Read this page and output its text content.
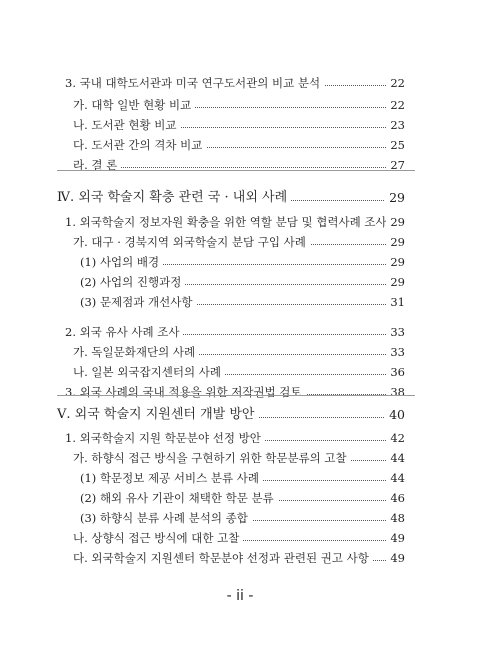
3. 국내 대학도서관과 미국 연구도서관의 비교 분석	22
가. 대학 일반 현황 비교	22
나. 도서관 현황 비교	23
다. 도서관 간의 격차 비교	25
라. 결 론	27
Ⅳ. 외국 학술지 확충 관련 국 · 내외 사례	29
1. 외국학술지 정보자원 확충을 위한 역할 분담 및 협력사례 조사 29
가. 대구 · 경북지역 외국학술지 분담 구입 사례	29
(1) 사업의 배경	29
(2) 사업의 진행과정	29
(3) 문제점과 개선사항	31
2. 외국 유사 사례 조사	33
가. 독일문화재단의 사례	33
나. 일본 외국잡지센터의 사례	36
3. 외국 사례의 국내 적용을 위한 저작권법 검토	38
Ⅴ. 외국 학술지 지원센터 개발 방안	40
1. 외국학술지 지원 학문분야 선정 방안	42
가. 하향식 접근 방식을 구현하기 위한 학문분류의 고찰	44
(1) 학문정보 제공 서비스 분류 사례	44
(2) 해외 유사 기관이 채택한 학문 분류	46
(3) 하향식 분류 사례 분석의 종합	48
나. 상향식 접근 방식에 대한 고찰	49
다. 외국학술지 지원센터 학문분야 선정과 관련된 권고 사항	49
- ii -
